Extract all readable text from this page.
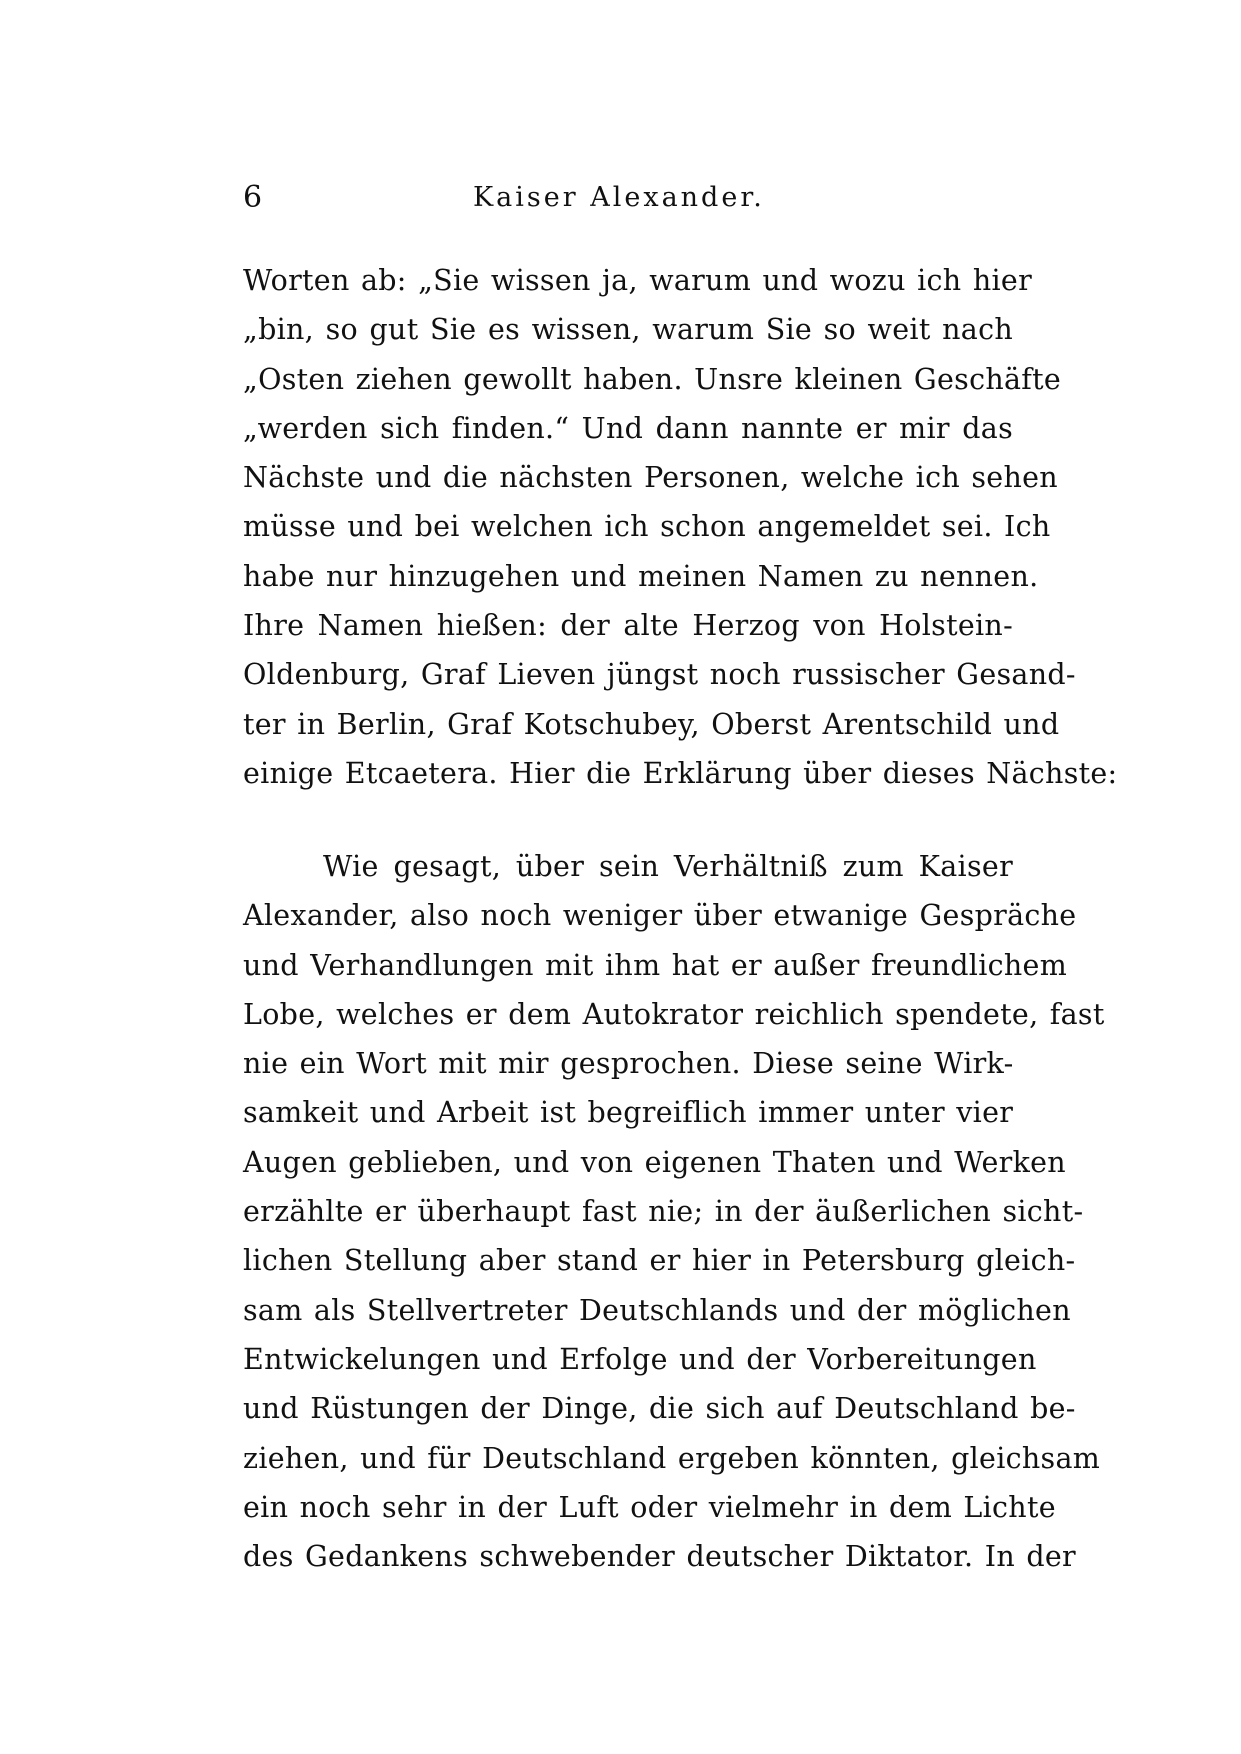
6	Kaiser Alexander.
Worten ab: „Sie wissen ja, warum und wozu ich hier
„bin, so gut Sie es wissen, warum Sie so weit nach
„Osten ziehen gewollt haben. Unsre kleinen Geschäfte
„werden sich finden.“ Und dann nannte er mir das
Nächste und die nächsten Personen, welche ich sehen
müsse und bei welchen ich schon angemeldet sei. Ich
habe nur hinzugehen und meinen Namen zu nennen.
Ihre Namen hießen: der alte Herzog von Holstein-
Oldenburg, Graf Lieven jüngst noch russischer Gesand-
ter in Berlin, Graf Kotschubey, Oberst Arentschild und
einige Etcaetera. Hier die Erklärung über dieses Nächste:
Wie gesagt, über sein Verhältniß zum Kaiser
Alexander, also noch weniger über etwanige Gespräche
und Verhandlungen mit ihm hat er außer freundlichem
Lobe, welches er dem Autokrator reichlich spendete, fast
nie ein Wort mit mir gesprochen. Diese seine Wirk-
samkeit und Arbeit ist begreiflich immer unter vier
Augen geblieben, und von eigenen Thaten und Werken
erzählte er überhaupt fast nie; in der äußerlichen sicht-
lichen Stellung aber stand er hier in Petersburg gleich-
sam als Stellvertreter Deutschlands und der möglichen
Entwickelungen und Erfolge und der Vorbereitungen
und Rüstungen der Dinge, die sich auf Deutschland be-
ziehen, und für Deutschland ergeben könnten, gleichsam
ein noch sehr in der Luft oder vielmehr in dem Lichte
des Gedankens schwebender deutscher Diktator. In der
